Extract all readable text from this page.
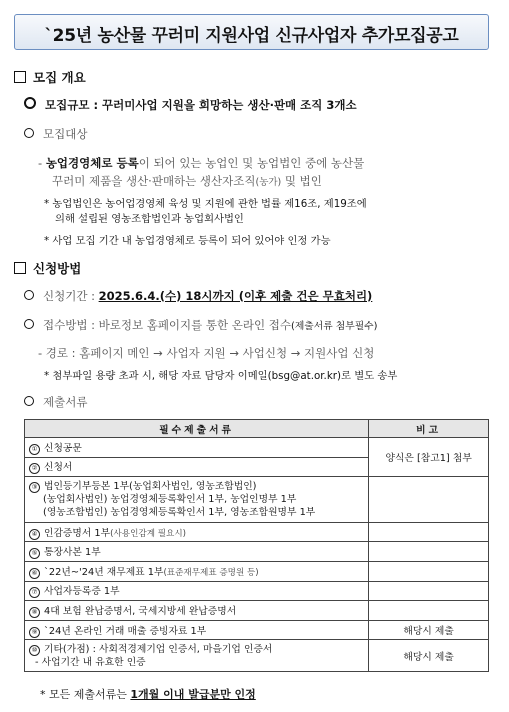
`25년 농산물 꾸러미 지원사업 신규사업자 추가모집공고
모집 개요
모집규모 : 꾸러미사업 지원을 희망하는 생산·판매 조직 3개소
모집대상
- 농업경영체로 등록이 되어 있는 농업인 및 농업법인 중에 농산물
꾸러미 제품을 생산·판매하는 생산자조직(농가) 및 법인
* 농업법인은 농어업경영체 육성 및 지원에 관한 법률 제16조, 제19조에
의해 설립된 영농조합법인과 농업회사법인
* 사업 모집 기간 내 농업경영체로 등록이 되어 있어야 인정 가능
신청방법
신청기간 : 2025.6.4.(수) 18시까지 (이후 제출 건은 무효처리)
접수방법 : 바로정보 홈페이지를 통한 온라인 접수(제출서류 첨부필수)
- 경로 : 홈페이지 메인 → 사업자 지원 → 사업신청 → 지원사업 신청
* 첨부파일 용량 초과 시, 해당 자료 담당자 이메일(bsg@at.or.kr)로 별도 송부
제출서류
필수제출서류	비고
① 신청공문	양식은 [참고1] 첨부
② 신청서	
③ 법인등기부등본 1부(농업회사법인, 영농조합법인)
(농업회사법인) 농업경영체등록확인서 1부, 농업인명부 1부
(영농조합법인) 농업경영체등록확인서 1부, 영농조합원명부 1부	

④ 인감증명서 1부(사용인감계 필요시)	
⑤ 통장사본 1부	
⑥ `22년~'24년 재무제표 1부(표준재무제표 증명원 등)	
⑦ 사업자등록증 1부	
⑧ 4대 보험 완납증명서, 국세지방세 완납증명서	
⑨ `24년 온라인 거래 매출 증빙자료 1부	해당시 제출
⑩ 기타(가점) : 사회적경제기업 인증서, 마을기업 인증서
- 사업기간 내 유효한 인증	해당시 제출
* 모든 제출서류는 1개월 이내 발급분만 인정
